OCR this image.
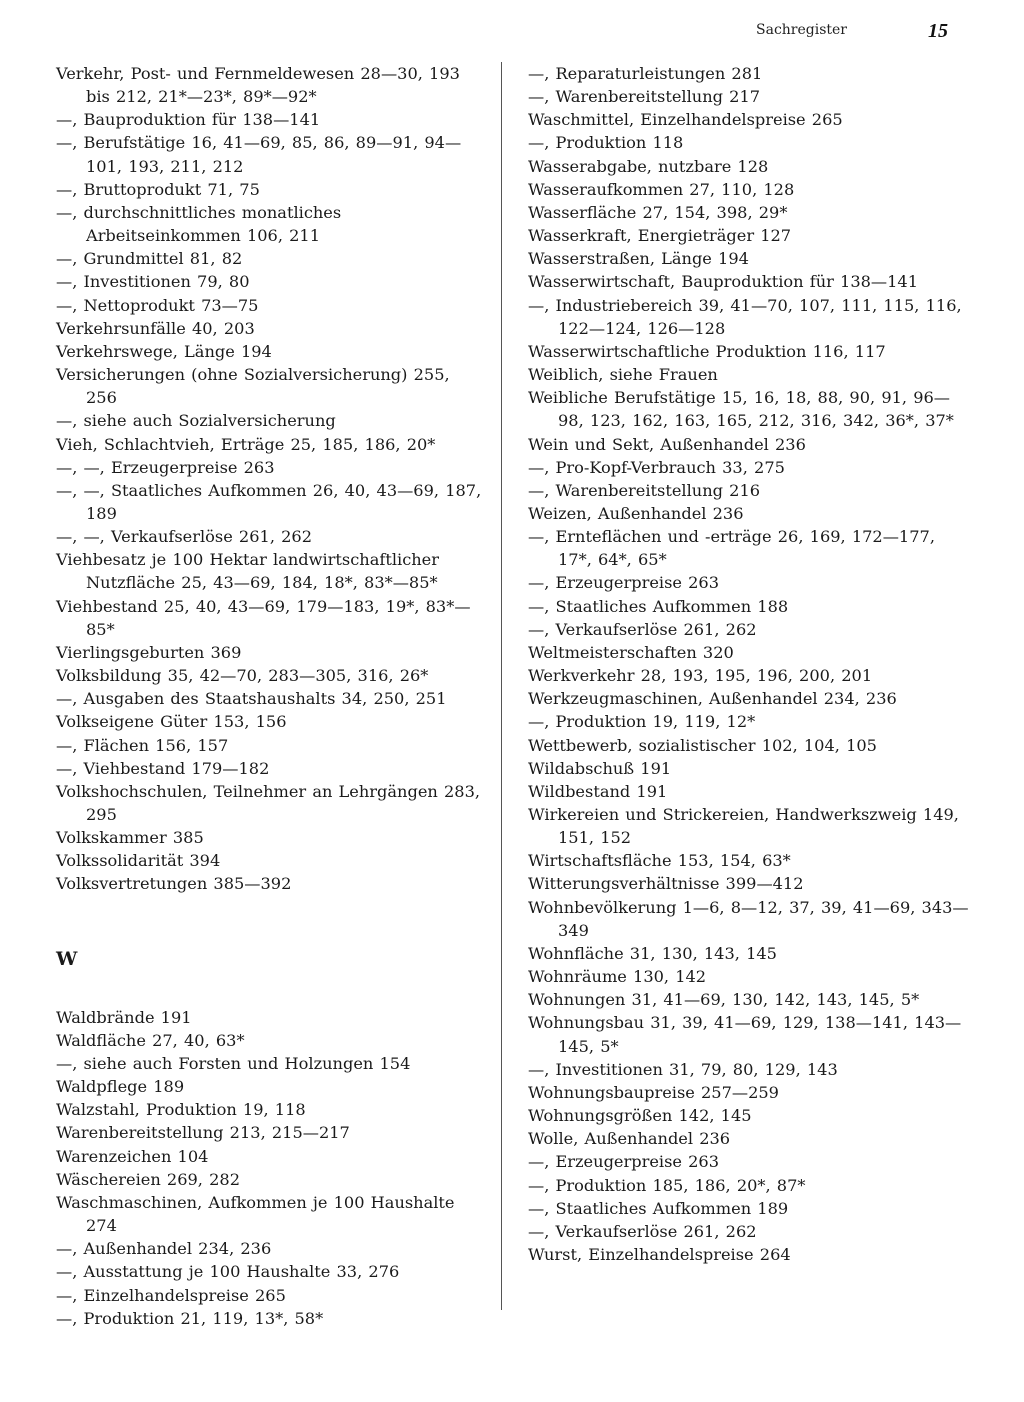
Sachregister	15
Verkehr, Post- und Fernmeldewesen 28—30, 193 bis 212, 21*—23*, 89*—92*
—, Bauproduktion für 138—141
—, Berufstätige 16, 41—69, 85, 86, 89—91, 94—101, 193, 211, 212
—, Bruttoprodukt 71, 75
—, durchschnittliches monatliches Arbeitseinkommen 106, 211
—, Grundmittel 81, 82
—, Investitionen 79, 80
—, Nettoprodukt 73—75
Verkehrsunfälle 40, 203
Verkehrswege, Länge 194
Versicherungen (ohne Sozialversicherung) 255, 256
—, siehe auch Sozialversicherung
Vieh, Schlachtvieh, Erträge 25, 185, 186, 20*
—, —, Erzeugerpreise 263
—, —, Staatliches Aufkommen 26, 40, 43—69, 187, 189
—, —, Verkaufserlöse 261, 262
Viehbesatz je 100 Hektar landwirtschaftlicher Nutzfläche 25, 43—69, 184, 18*, 83*—85*
Viehbestand 25, 40, 43—69, 179—183, 19*, 83*—85*
Vierlingsgeburten 369
Volksbildung 35, 42—70, 283—305, 316, 26*
—, Ausgaben des Staatshaushalts 34, 250, 251
Volkseigene Güter 153, 156
—, Flächen 156, 157
—, Viehbestand 179—182
Volkshochschulen, Teilnehmer an Lehrgängen 283, 295
Volkskammer 385
Volkssolidarität 394
Volksvertretungen 385—392
W
Waldbrände 191
Waldfläche 27, 40, 63*
—, siehe auch Forsten und Holzungen 154
Waldpflege 189
Walzstahl, Produktion 19, 118
Warenbereitstellung 213, 215—217
Warenzeichen 104
Wäschereien 269, 282
Waschmaschinen, Aufkommen je 100 Haushalte 274
—, Außenhandel 234, 236
—, Ausstattung je 100 Haushalte 33, 276
—, Einzelhandelspreise 265
—, Produktion 21, 119, 13*, 58*
—, Reparaturleistungen 281
—, Warenbereitstellung 217
Waschmittel, Einzelhandelspreise 265
—, Produktion 118
Wasserabgabe, nutzbare 128
Wasseraufkommen 27, 110, 128
Wasserfläche 27, 154, 398, 29*
Wasserkraft, Energieträger 127
Wasserstraßen, Länge 194
Wasserwirtschaft, Bauproduktion für 138—141
—, Industriebereich 39, 41—70, 107, 111, 115, 116, 122—124, 126—128
Wasserwirtschaftliche Produktion 116, 117
Weiblich, siehe Frauen
Weibliche Berufstätige 15, 16, 18, 88, 90, 91, 96—98, 123, 162, 163, 165, 212, 316, 342, 36*, 37*
Wein und Sekt, Außenhandel 236
—, Pro-Kopf-Verbrauch 33, 275
—, Warenbereitstellung 216
Weizen, Außenhandel 236
—, Ernteflächen und -erträge 26, 169, 172—177, 17*, 64*, 65*
—, Erzeugerpreise 263
—, Staatliches Aufkommen 188
—, Verkaufserlöse 261, 262
Weltmeisterschaften 320
Werkverkehr 28, 193, 195, 196, 200, 201
Werkzeugmaschinen, Außenhandel 234, 236
—, Produktion 19, 119, 12*
Wettbewerb, sozialistischer 102, 104, 105
Wildabschuß 191
Wildbestand 191
Wirkereien und Strickereien, Handwerkszweig 149, 151, 152
Wirtschaftsfläche 153, 154, 63*
Witterungsverhältnisse 399—412
Wohnbevölkerung 1—6, 8—12, 37, 39, 41—69, 343—349
Wohnfläche 31, 130, 143, 145
Wohnräume 130, 142
Wohnungen 31, 41—69, 130, 142, 143, 145, 5*
Wohnungsbau 31, 39, 41—69, 129, 138—141, 143—145, 5*
—, Investitionen 31, 79, 80, 129, 143
Wohnungsbaupreise 257—259
Wohnungsgrößen 142, 145
Wolle, Außenhandel 236
—, Erzeugerpreise 263
—, Produktion 185, 186, 20*, 87*
—, Staatliches Aufkommen 189
—, Verkaufserlöse 261, 262
Wurst, Einzelhandelspreise 264
